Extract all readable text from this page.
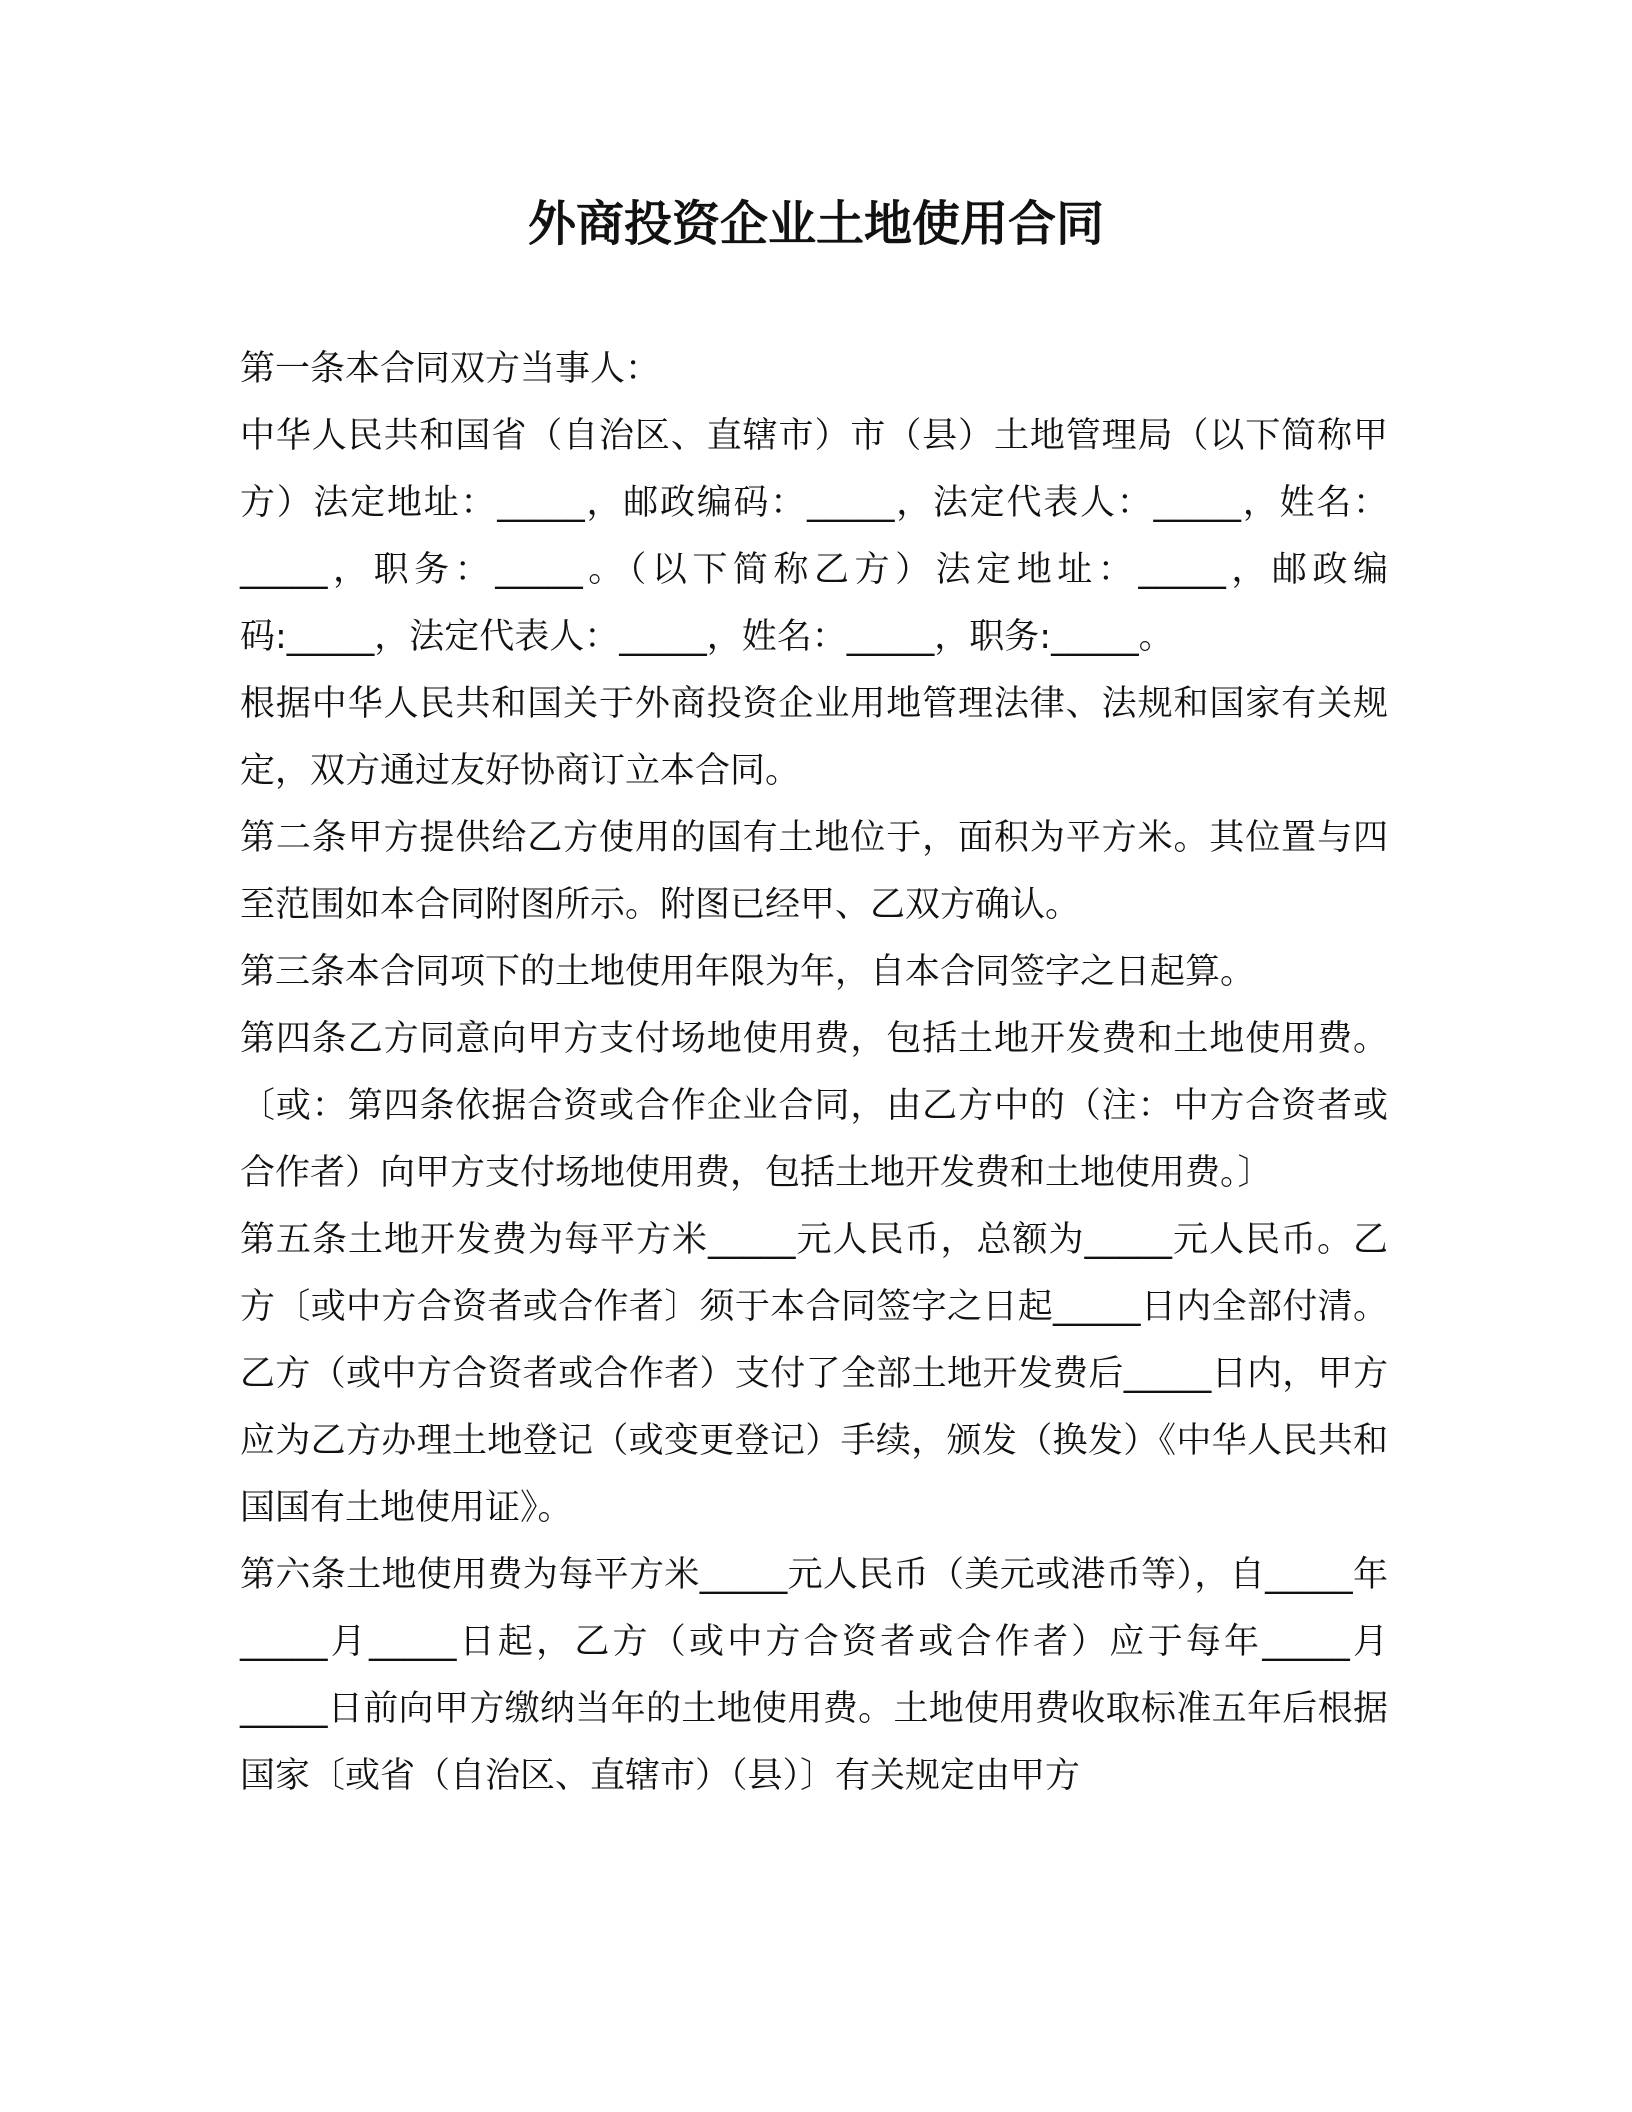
外商投资企业土地使用合同

第一条本合同双方当事人：

中华人民共和国省（自治区、直辖市）市（县）土地管理局（以下简称甲方）法定地址：_____，邮政编码：_____，法定代表人：_____，姓名：_____，职务：_____。（以下简称乙方）法定地址：_____，邮政编码:_____，法定代表人：_____，姓名：_____，职务:_____。

根据中华人民共和国关于外商投资企业用地管理法律、法规和国家有关规定，双方通过友好协商订立本合同。

第二条甲方提供给乙方使用的国有土地位于，面积为平方米。其位置与四至范围如本合同附图所示。附图已经甲、乙双方确认。

第三条本合同项下的土地使用年限为年，自本合同签字之日起算。

第四条乙方同意向甲方支付场地使用费，包括土地开发费和土地使用费。〔或：第四条依据合资或合作企业合同，由乙方中的（注：中方合资者或合作者）向甲方支付场地使用费，包括土地开发费和土地使用费。〕

第五条土地开发费为每平方米_____元人民币，总额为_____元人民币。乙方〔或中方合资者或合作者〕须于本合同签字之日起_____日内全部付清。乙方（或中方合资者或合作者）支付了全部土地开发费后_____日内，甲方应为乙方办理土地登记（或变更登记）手续，颁发（换发）《中华人民共和国国有土地使用证》。

第六条土地使用费为每平方米_____元人民币（美元或港币等），自_____年_____月_____日起，乙方（或中方合资者或合作者）应于每年_____月_____日前向甲方缴纳当年的土地使用费。土地使用费收取标准五年后根据国家〔或省（自治区、直辖市）（县）〕有关规定由甲方
